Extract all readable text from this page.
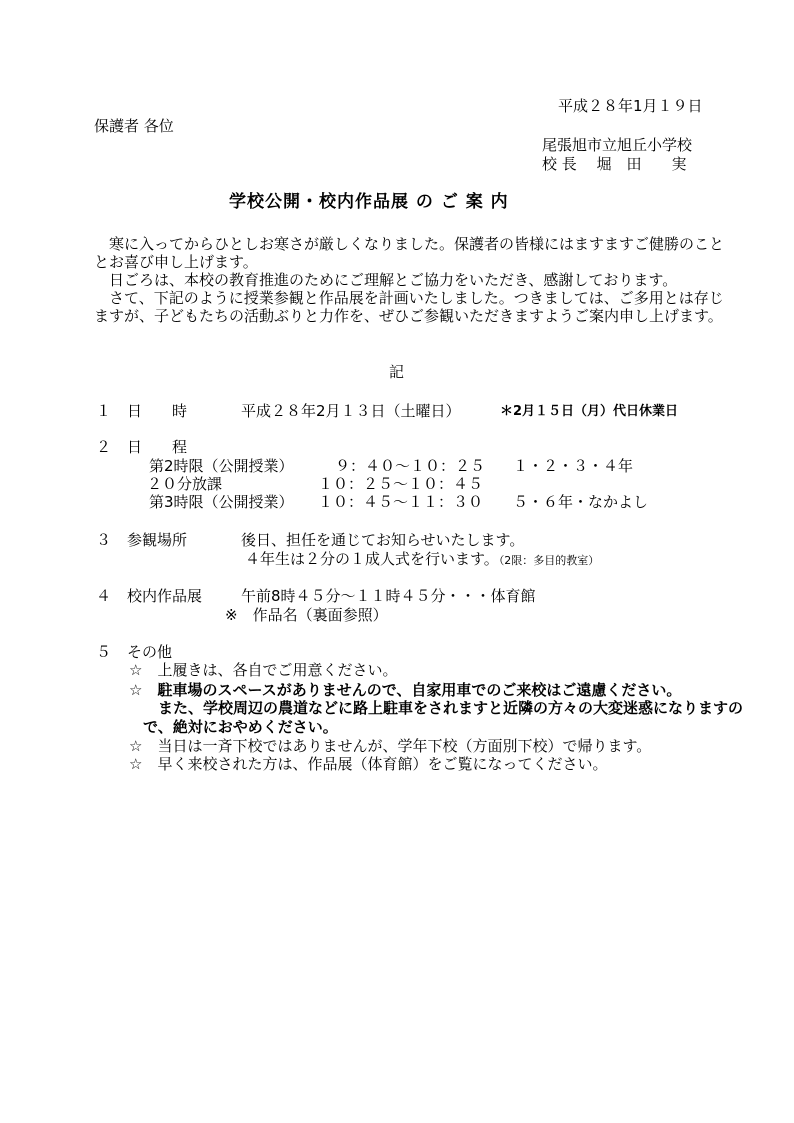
平成２８年1月１９日
保護者 各位
尾張旭市立旭丘小学校
校 長　 堀　田　　実
学校公開・校内作品展 の ご 案 内
　寒に入ってからひとしお寒さが厳しくなりました。保護者の皆様にはますますご健勝のこととお喜び申し上げます。
　日ごろは、本校の教育推進のためにご理解とご協力をいただき、感謝しております。
　さて、下記のように授業参観と作品展を計画いたしました。つきましては、ご多用とは存じますが、子どもたちの活動ぶりと力作を、ぜひご参観いただきますようご案内申し上げます。
記
１ 日　　時	平成２８年2月１３日（土曜日）	＊2月１５日（月）代日休業日
２ 日　　程
第2時限（公開授業）	９：４０～１０：２５ １・２・３・４年
２０分放課	１０：２５～１０：４５
第3時限（公開授業） １０：４５～１１：３０ ５・６年・なかよし
３ 参観場所	後日、担任を通じてお知らせいたします。
４年生は２分の１成人式を行います。（2限：多目的教室）
４ 校内作品展	午前8時４５分～１１時４５分・・・体育館
※　作品名（裏面参照）
５ その他
☆　上履きは、各自でご用意ください。
☆　駐車場のスペースがありませんので、自家用車でのご来校はご遠慮ください。
　また、学校周辺の農道などに路上駐車をされますと近隣の方々の大変迷惑になりますので、絶対におやめください。
☆　当日は一斉下校ではありませんが、学年下校（方面別下校）で帰ります。
☆　早く来校された方は、作品展（体育館）をご覧になってください。
